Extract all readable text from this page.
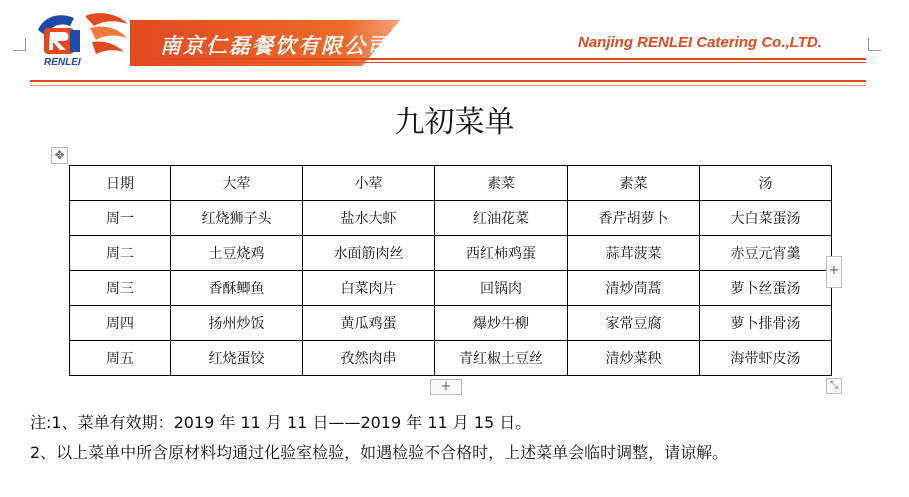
RENLEI
南京仁磊餐饮有限公司	Nanjing RENLEI Catering Co.,LTD.
九初菜单
✥
日期	大荤	小荤	素菜	素菜	汤
周一	红烧狮子头	盐水大虾	红油花菜	香芹胡萝卜	大白菜蛋汤
周二	土豆烧鸡	水面筋肉丝	西红柿鸡蛋	蒜茸菠菜	赤豆元宵羹
周三	香酥鲫鱼	白菜肉片	回锅肉	清炒茼蒿	萝卜丝蛋汤
周四	扬州炒饭	黄瓜鸡蛋	爆炒牛柳	家常豆腐	萝卜排骨汤
周五	红烧蛋饺	孜然肉串	青红椒土豆丝	清炒菜秧	海带虾皮汤
+
+	⤡
注:1、菜单有效期：2019 年 11 月 11 日——2019 年 11 月 15 日。
2、以上菜单中所含原材料均通过化验室检验，如遇检验不合格时，上述菜单会临时调整，请谅解。
